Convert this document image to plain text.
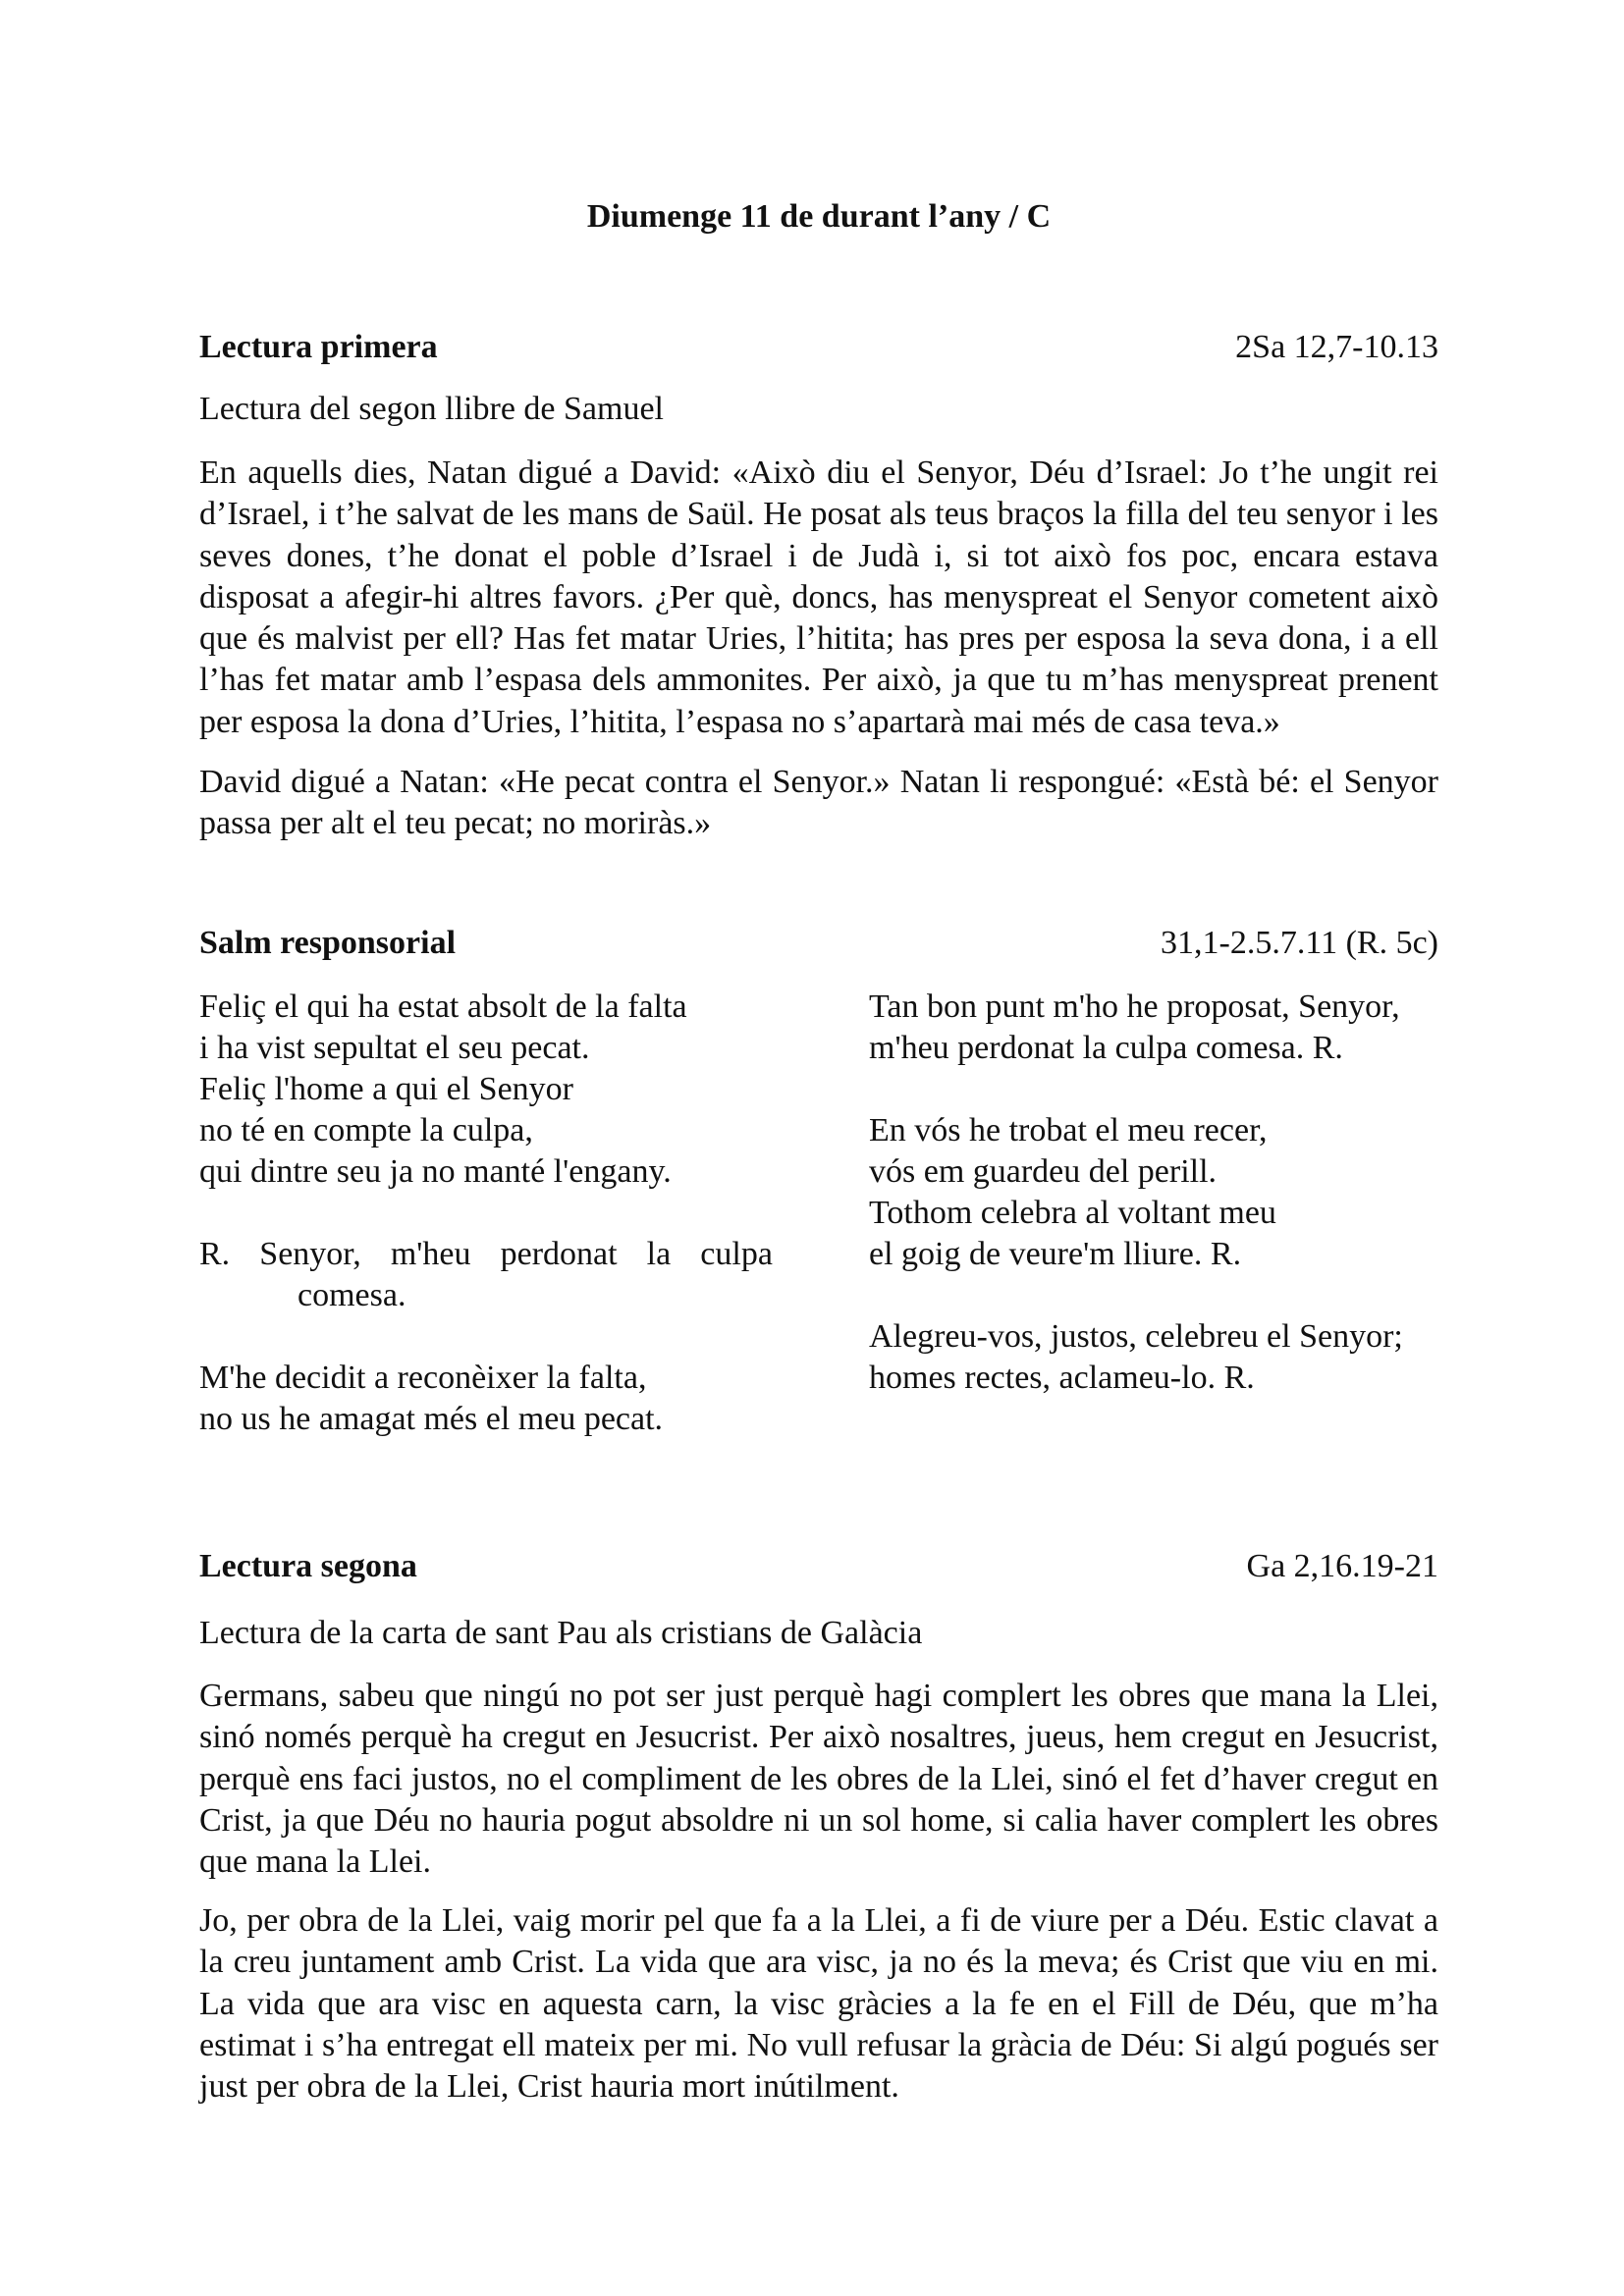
Diumenge 11 de durant l’any / C
Lectura primera	2Sa 12,7-10.13
Lectura del segon llibre de Samuel
En aquells dies, Natan digué a David: «Això diu el Senyor, Déu d’Israel: Jo t’he ungit rei d’Israel, i t’he salvat de les mans de Saül. He posat als teus braços la filla del teu senyor i les seves dones, t’he donat el poble d’Israel i de Judà i, si tot això fos poc, encara estava disposat a afegir-hi altres favors. ¿Per què, doncs, has menyspreat el Senyor cometent això que és malvist per ell? Has fet matar Uries, l’hitita; has pres per esposa la seva dona, i a ell l’has fet matar amb l’espasa dels ammonites. Per això, ja que tu m’has menyspreat prenent per esposa la dona d’Uries, l’hitita, l’espasa no s’apartarà mai més de casa teva.»
David digué a Natan: «He pecat contra el Senyor.» Natan li respongué: «Està bé: el Senyor passa per alt el teu pecat; no moriràs.»
Salm responsorial	31,1-2.5.7.11 (R. 5c)
Feliç el qui ha estat absolt de la falta
i ha vist sepultat el seu pecat.
Feliç l'home a qui el Senyor
no té en compte la culpa,
qui dintre seu ja no manté l'engany.
R. Senyor, m'heu perdonat la culpa
comesa.
M'he decidit a reconèixer la falta,
no us he amagat més el meu pecat.
Tan bon punt m'ho he proposat, Senyor,
m'heu perdonat la culpa comesa. R.
En vós he trobat el meu recer,
vós em guardeu del perill.
Tothom celebra al voltant meu
el goig de veure'm lliure. R.
Alegreu-vos, justos, celebreu el Senyor;
homes rectes, aclameu-lo. R.
Lectura segona	Ga 2,16.19-21
Lectura de la carta de sant Pau als cristians de Galàcia
Germans, sabeu que ningú no pot ser just perquè hagi complert les obres que mana la Llei, sinó només perquè ha cregut en Jesucrist. Per això nosaltres, jueus, hem cregut en Jesucrist, perquè ens faci justos, no el compliment de les obres de la Llei, sinó el fet d’haver cregut en Crist, ja que Déu no hauria pogut absoldre ni un sol home, si calia haver complert les obres que mana la Llei.
Jo, per obra de la Llei, vaig morir pel que fa a la Llei, a fi de viure per a Déu. Estic clavat a la creu juntament amb Crist. La vida que ara visc, ja no és la meva; és Crist que viu en mi. La vida que ara visc en aquesta carn, la visc gràcies a la fe en el Fill de Déu, que m’ha estimat i s’ha entregat ell mateix per mi. No vull refusar la gràcia de Déu: Si algú pogués ser just per obra de la Llei, Crist hauria mort inútilment.
